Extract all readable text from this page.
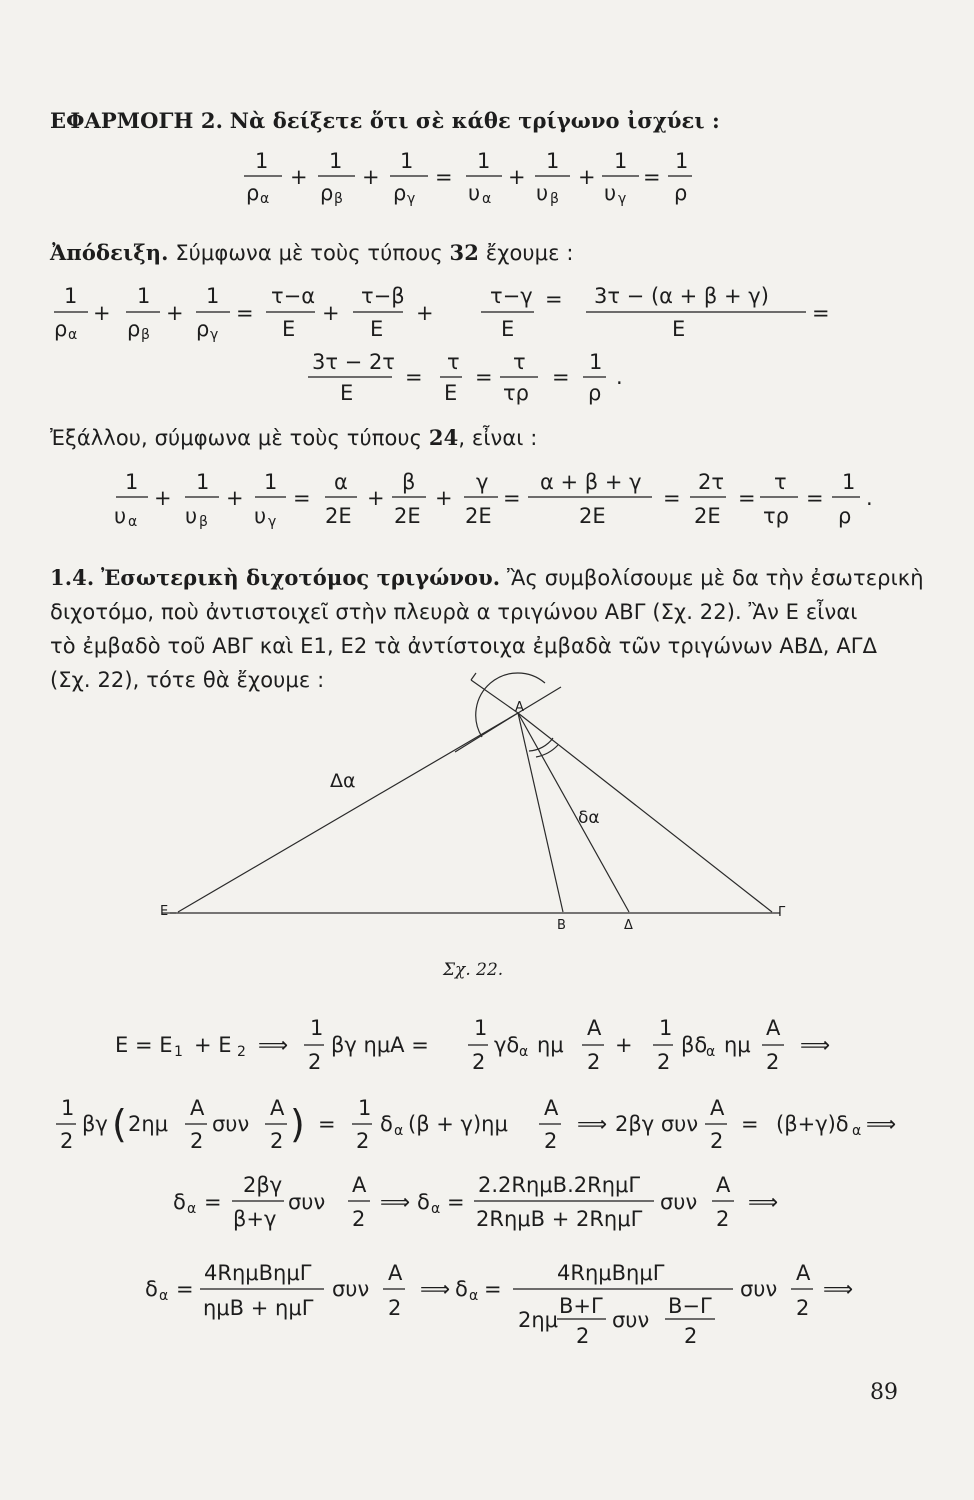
ΕΦΑΡΜΟΓΗ 2. Νὰ δείξετε ὅτι σὲ κάθε τρίγωνο ἰσχύει :
1
ρ α
+
1
ρ β
+
1
ρ γ
=
1
υ α
+
1
υ β
+
1
υ γ
=
1
ρ
1
ρ α
+
1
ρ β
+
1
ρ γ
=
τ−α
E
+
τ−β
E
+
τ−γ
E
= 3τ − (α + β + γ)
E
=
3τ − 2τ
E
=
τ
E
=
τ
τρ
=
1
ρ
.
1
υ α
+
1
υ β
+
1
υ γ
=
α
2E
+
β
2E
+
γ
2E
=
α + β + γ
2E
=
2τ
2E
=
τ
τρ
=
1
ρ
.
E = E 1 + E 2 ⟹
1
2
βγ ημA =
1
2
γδ α ημ
A
2
+
1
2
βδ
α ημ
A
2
⟹
1
2
βγ ( 2ημ
A
2
συν
A
2 ) =
1
2
δ α (β + γ)ημ
A
2
⟹ 2βγ συν
A
2
= (β+γ)δ α ⟹
δ α =
2βγ
β+γ
συν
A
2
⟹ δ α =
2.2RημB.2RημΓ
2RημB + 2RημΓ
συν
A
2
⟹
δ α =
4RημBημΓ
ημB + ημΓ
συν
A
2
⟹ δ α =
4RημBημΓ
2ημ
B+Γ
2
συν
B−Γ
2
συν
A
2
⟹
Ἀπόδειξη. Σύμφωνα μὲ τοὺς τύπους 32 ἔχουμε :
Ἐξάλλου, σύμφωνα μὲ τοὺς τύπους 24, εἶναι :
1.4. Ἐσωτερικὴ διχοτόμος τριγώνου. Ἂς συμβολίσουμε μὲ δα τὴν ἐσωτερικὴ
διχοτόμο, ποὺ ἀντιστοιχεῖ στὴν πλευρὰ α τριγώνου ΑΒΓ (Σχ. 22). Ἂν Ε εἶναι
τὸ ἐμβαδὸ τοῦ ΑΒΓ καὶ Ε1, Ε2 τὰ ἀντίστοιχα ἐμβαδὰ τῶν τριγώνων ΑΒΔ, ΑΓΔ
(Σχ. 22), τότε θὰ ἔχουμε :
A
E
B	Δ
Γ
Δα
δα
Σχ. 22.
89
